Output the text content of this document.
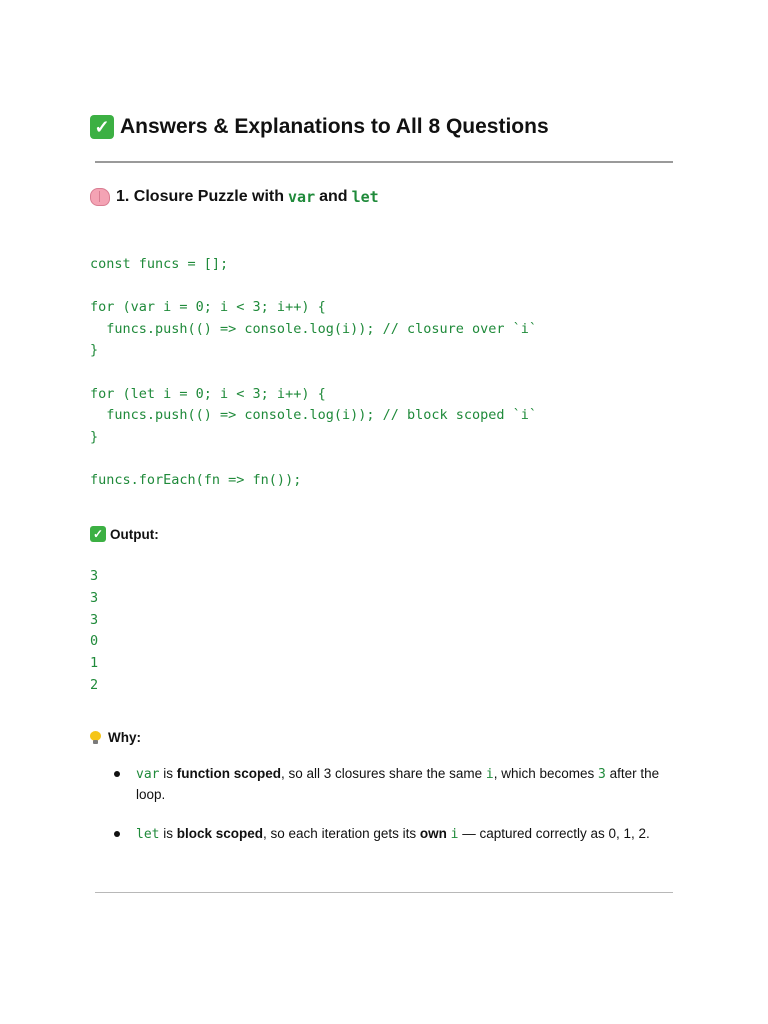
✓ Answers & Explanations to All 8 Questions
1. Closure Puzzle with var and let
const funcs = [];
for (var i = 0; i < 3; i++) {
funcs.push(() => console.log(i)); // closure over `i`
}
for (let i = 0; i < 3; i++) {
funcs.push(() => console.log(i)); // block scoped `i`
}
funcs.forEach(fn => fn());
✓ Output:
3
3
3
0
1
2
Why:
var is function scoped, so all 3 closures share the same i, which becomes 3 after the loop.
let is block scoped, so each iteration gets its own i — captured correctly as 0, 1, 2.
